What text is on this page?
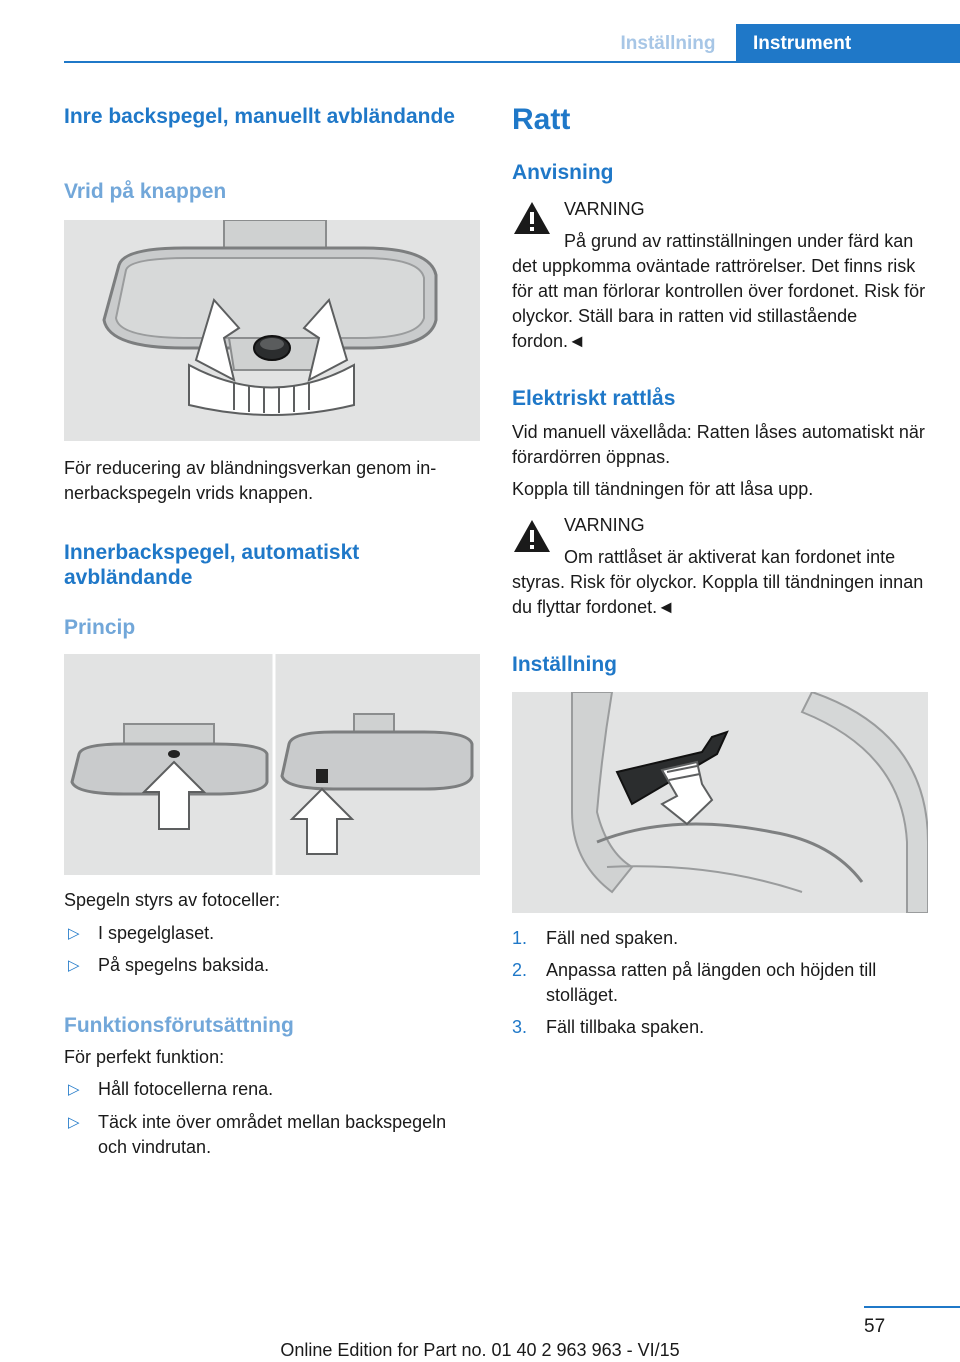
Inställning	Instrument
Inre backspegel, manuellt avbländande
Vrid på knappen
För reducering av bländningsverkan genom innerbackspegeln vrids knappen.
Innerbackspegel, automatiskt avbländande
Princip
Spegeln styrs av fotoceller:
▷ I spegelglaset.
▷ På spegelns baksida.
Funktionsförutsättning
För perfekt funktion:
▷ Håll fotocellerna rena.
▷ Täck inte över området mellan backspegeln och vindrutan.
Ratt
Anvisning
VARNING
På grund av rattinställningen under färd kan det uppkomma oväntade rattrörelser. Det finns risk för att man förlorar kontrollen över fordonet. Risk för olyckor. Ställ bara in ratten vid stillastående fordon.◄
Elektriskt rattlås
Vid manuell växellåda: Ratten låses automatiskt när förardörren öppnas.
Koppla till tändningen för att låsa upp.
VARNING
Om rattlåset är aktiverat kan fordonet inte styras. Risk för olyckor. Koppla till tändningen innan du flyttar fordonet.◄
Inställning
1. Fäll ned spaken.
2. Anpassa ratten på längden och höjden till stolläget.
3. Fäll tillbaka spaken.
57
Online Edition for Part no. 01 40 2 963 963 - VI/15
